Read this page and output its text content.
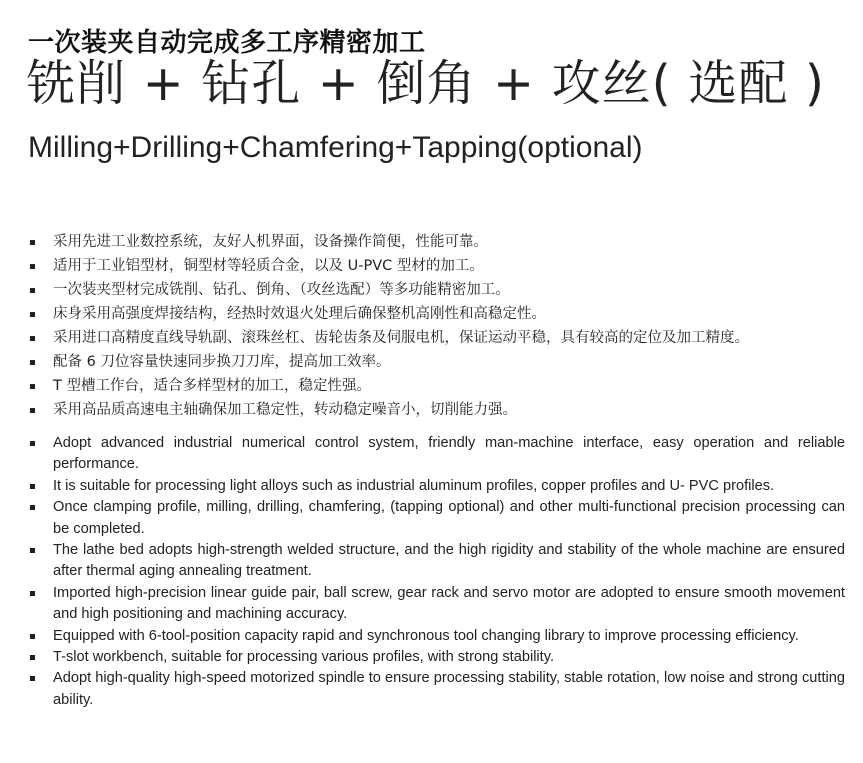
一次装夹自动完成多工序精密加工
铣削 + 钻孔 + 倒角 + 攻丝( 选配 )
Milling+Drilling+Chamfering+Tapping(optional)
采用先进工业数控系统，友好人机界面，设备操作简便，性能可靠。
适用于工业铝型材，铜型材等轻质合金，以及 U-PVC 型材的加工。
一次装夹型材完成铣削、钻孔、倒角、（攻丝选配）等多功能精密加工。
床身采用高强度焊接结构，经热时效退火处理后确保整机高刚性和高稳定性。
采用进口高精度直线导轨副、滚珠丝杠、齿轮齿条及伺服电机，保证运动平稳，具有较高的定位及加工精度。
配备 6 刀位容量快速同步换刀刀库，提高加工效率。
T 型槽工作台，适合多样型材的加工，稳定性强。
采用高品质高速电主轴确保加工稳定性，转动稳定噪音小，切削能力强。
Adopt advanced industrial numerical control system, friendly man-machine interface, easy operation and reliable performance.
It is suitable for processing light alloys such as industrial aluminum profiles, copper profiles and U- PVC profiles.
Once clamping profile, milling, drilling, chamfering, (tapping optional) and other multi-functional precision processing can be completed.
The lathe bed adopts high-strength welded structure, and the high rigidity and stability of the whole machine are ensured after thermal aging annealing treatment.
Imported high-precision linear guide pair, ball screw, gear rack and servo motor are adopted to ensure smooth movement and high positioning and machining accuracy.
Equipped with 6-tool-position capacity rapid and synchronous tool changing library to improve processing efficiency.
T-slot workbench, suitable for processing various profiles, with strong stability.
Adopt high-quality high-speed motorized spindle to ensure processing stability, stable rotation, low noise and strong cutting ability.
